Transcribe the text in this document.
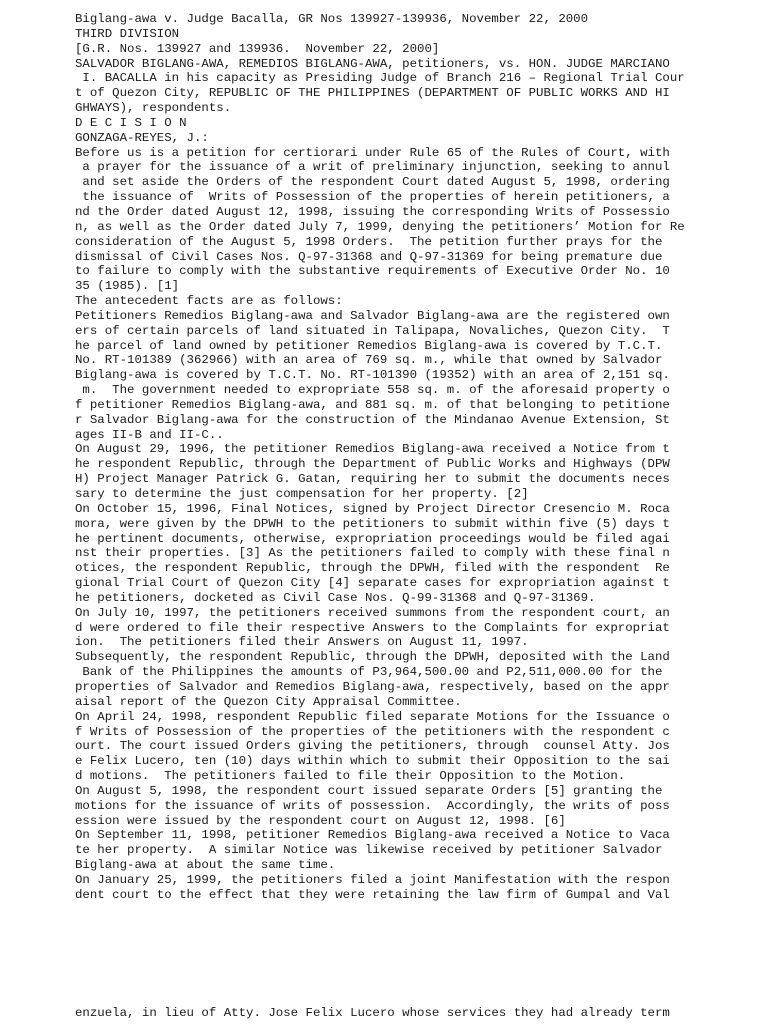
Biglang-awa v. Judge Bacalla, GR Nos 139927-139936, November 22, 2000
THIRD DIVISION
[G.R. Nos. 139927 and 139936.  November 22, 2000]
SALVADOR BIGLANG-AWA, REMEDIOS BIGLANG-AWA, petitioners, vs. HON. JUDGE MARCIANO
I. BACALLA in his capacity as Presiding Judge of Branch 216 – Regional Trial Cour
t of Quezon City, REPUBLIC OF THE PHILIPPINES (DEPARTMENT OF PUBLIC WORKS AND HI
GHWAYS), respondents.
D E C I S I O N
GONZAGA-REYES, J.:
Before us is a petition for certiorari under Rule 65 of the Rules of Court, with
a prayer for the issuance of a writ of preliminary injunction, seeking to annul
and set aside the Orders of the respondent Court dated August 5, 1998, ordering
the issuance of  Writs of Possession of the properties of herein petitioners, a
nd the Order dated August 12, 1998, issuing the corresponding Writs of Possessio
n, as well as the Order dated July 7, 1999, denying the petitioners’ Motion for Re
consideration of the August 5, 1998 Orders.  The petition further prays for the
dismissal of Civil Cases Nos. Q-97-31368 and Q-97-31369 for being premature due
to failure to comply with the substantive requirements of Executive Order No. 10
35 (1985). [1]
The antecedent facts are as follows:
Petitioners Remedios Biglang-awa and Salvador Biglang-awa are the registered own
ers of certain parcels of land situated in Talipapa, Novaliches, Quezon City.  T
he parcel of land owned by petitioner Remedios Biglang-awa is covered by T.C.T.
No. RT-101389 (362966) with an area of 769 sq. m., while that owned by Salvador
Biglang-awa is covered by T.C.T. No. RT-101390 (19352) with an area of 2,151 sq.
m.  The government needed to expropriate 558 sq. m. of the aforesaid property o
f petitioner Remedios Biglang-awa, and 881 sq. m. of that belonging to petitione
r Salvador Biglang-awa for the construction of the Mindanao Avenue Extension, St
ages II-B and II-C..
On August 29, 1996, the petitioner Remedios Biglang-awa received a Notice from t
he respondent Republic, through the Department of Public Works and Highways (DPW
H) Project Manager Patrick G. Gatan, requiring her to submit the documents neces
sary to determine the just compensation for her property. [2]
On October 15, 1996, Final Notices, signed by Project Director Cresencio M. Roca
mora, were given by the DPWH to the petitioners to submit within five (5) days t
he pertinent documents, otherwise, expropriation proceedings would be filed agai
nst their properties. [3] As the petitioners failed to comply with these final n
otices, the respondent Republic, through the DPWH, filed with the respondent  Re
gional Trial Court of Quezon City [4] separate cases for expropriation against t
he petitioners, docketed as Civil Case Nos. Q-99-31368 and Q-97-31369.
On July 10, 1997, the petitioners received summons from the respondent court, an
d were ordered to file their respective Answers to the Complaints for expropriat
ion.  The petitioners filed their Answers on August 11, 1997.
Subsequently, the respondent Republic, through the DPWH, deposited with the Land
Bank of the Philippines the amounts of P3,964,500.00 and P2,511,000.00 for the
properties of Salvador and Remedios Biglang-awa, respectively, based on the appr
aisal report of the Quezon City Appraisal Committee.
On April 24, 1998, respondent Republic filed separate Motions for the Issuance o
f Writs of Possession of the properties of the petitioners with the respondent c
ourt. The court issued Orders giving the petitioners, through  counsel Atty. Jos
e Felix Lucero, ten (10) days within which to submit their Opposition to the sai
d motions.  The petitioners failed to file their Opposition to the Motion.
On August 5, 1998, the respondent court issued separate Orders [5] granting the
motions for the issuance of writs of possession.  Accordingly, the writs of poss
ession were issued by the respondent court on August 12, 1998. [6]
On September 11, 1998, petitioner Remedios Biglang-awa received a Notice to Vaca
te her property.  A similar Notice was likewise received by petitioner Salvador
Biglang-awa at about the same time.
On January 25, 1999, the petitioners filed a joint Manifestation with the respon
dent court to the effect that they were retaining the law firm of Gumpal and Val
enzuela, in lieu of Atty. Jose Felix Lucero whose services they had already term
